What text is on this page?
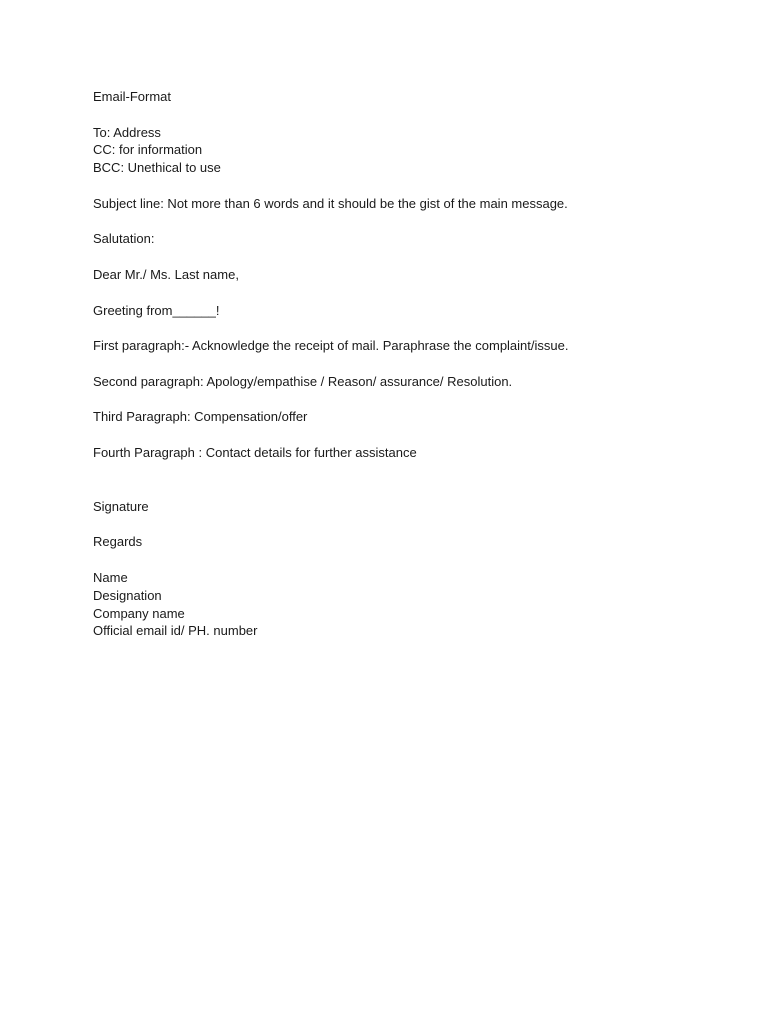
Email-Format
To: Address
CC: for information
BCC: Unethical to use
Subject line: Not more than 6 words and it should be the gist of the main message.
Salutation:
Dear Mr./ Ms. Last name,
Greeting from______!
First paragraph:- Acknowledge the receipt of mail. Paraphrase the complaint/issue.
Second paragraph: Apology/empathise / Reason/ assurance/ Resolution.
Third Paragraph: Compensation/offer
Fourth Paragraph : Contact details for further assistance
Signature
Regards
Name
Designation
Company name
Official email id/ PH. number
